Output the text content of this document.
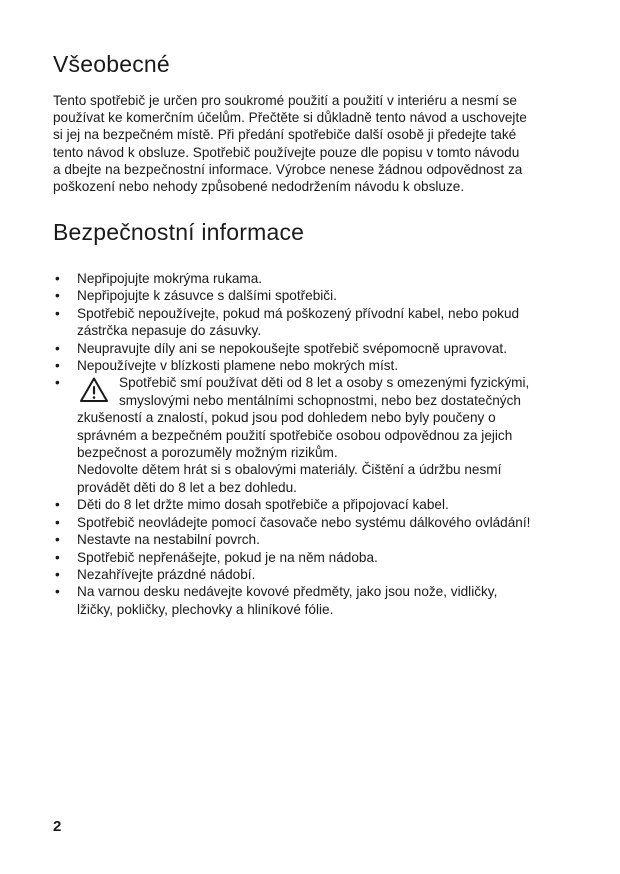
Všeobecné
Tento spotřebič je určen pro soukromé použití a použití v interiéru a nesmí se
používat ke komerčním účelům. Přečtěte si důkladně tento návod a uschovejte
si jej na bezpečném místě. Při předání spotřebiče další osobě ji předejte také
tento návod k obsluze. Spotřebič používejte pouze dle popisu v tomto návodu
a dbejte na bezpečnostní informace. Výrobce nenese žádnou odpovědnost za
poškození nebo nehody způsobené nedodržením návodu k obsluze.
Bezpečnostní informace
• Nepřipojujte mokrýma rukama.
• Nepřipojujte k zásuvce s dalšími spotřebiči.
• Spotřebič nepoužívejte, pokud má poškozený přívodní kabel, nebo pokud
zástrčka nepasuje do zásuvky.
• Neupravujte díly ani se nepokoušejte spotřebič svépomocně upravovat.
• Nepoužívejte v blízkosti plamene nebo mokrých míst.
• Spotřebič smí používat děti od 8 let a osoby s omezenými fyzickými,
smyslovými nebo mentálními schopnostmi, nebo bez dostatečných
zkušeností a znalostí, pokud jsou pod dohledem nebo byly poučeny o
správném a bezpečném použití spotřebiče osobou odpovědnou za jejich
bezpečnost a porozuměly možným rizikům.
Nedovolte dětem hrát si s obalovými materiály. Čištění a údržbu nesmí
provádět děti do 8 let a bez dohledu.
• Děti do 8 let držte mimo dosah spotřebiče a připojovací kabel.
• Spotřebič neovládejte pomocí časovače nebo systému dálkového ovládání!
• Nestavte na nestabilní povrch.
• Spotřebič nepřenášejte, pokud je na něm nádoba.
• Nezahřívejte prázdné nádobí.
• Na varnou desku nedávejte kovové předměty, jako jsou nože, vidličky,
lžičky, pokličky, plechovky a hliníkové fólie.
2
